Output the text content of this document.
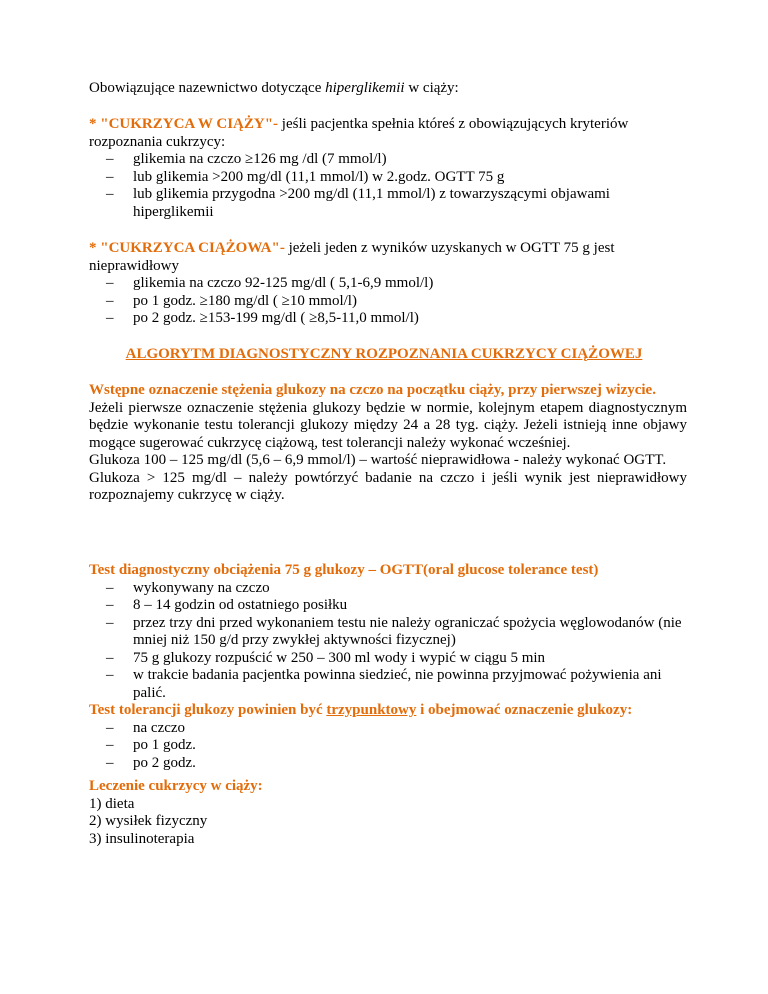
Obowiązujące nazewnictwo dotyczące hiperglikemii w ciąży:

* "CUKRZYCA W CIĄŻY"- jeśli pacjentka spełnia któreś z obowiązujących kryteriów rozpoznania cukrzycy:

– glikemia na czczo ≥126 mg /dl (7 mmol/l)
– lub glikemia >200 mg/dl (11,1 mmol/l) w 2.godz. OGTT 75 g
– lub glikemia przygodna >200 mg/dl (11,1 mmol/l) z towarzyszącymi objawami hiperglikemii

* "CUKRZYCA CIĄŻOWA"- jeżeli jeden z wyników uzyskanych w OGTT 75 g jest nieprawidłowy

– glikemia na czczo 92-125 mg/dl ( 5,1-6,9 mmol/l)
– po 1 godz. ≥180 mg/dl ( ≥10 mmol/l)
– po 2 godz. ≥153-199 mg/dl ( ≥8,5-11,0 mmol/l)
ALGORYTM DIAGNOSTYCZNY ROZPOZNANIA CUKRZYCY CIĄŻOWEJ

Wstępne oznaczenie stężenia glukozy na czczo na początku ciąży, przy pierwszej wizycie.

Jeżeli pierwsze oznaczenie stężenia glukozy będzie w normie, kolejnym etapem diagnostycznym będzie wykonanie testu tolerancji glukozy między 24 a 28 tyg. ciąży. Jeżeli istnieją inne objawy mogące sugerować cukrzycę ciążową, test tolerancji należy wykonać wcześniej.

Glukoza 100 – 125 mg/dl (5,6 – 6,9 mmol/l) – wartość nieprawidłowa - należy wykonać OGTT.

Glukoza > 125 mg/dl – należy powtórzyć badanie na czczo i jeśli wynik jest nieprawidłowy rozpoznajemy cukrzycę w ciąży.

Test diagnostyczny obciążenia 75 g glukozy – OGTT(oral glucose tolerance test)

– wykonywany na czczo
– 8 – 14 godzin od ostatniego posiłku
– przez trzy dni przed wykonaniem testu nie należy ograniczać spożycia węglowodanów (nie mniej niż 150 g/d przy zwykłej aktywności fizycznej)
– 75 g glukozy rozpuścić w 250 – 300 ml wody i wypić w ciągu 5 min
– w trakcie badania pacjentka powinna siedzieć, nie powinna przyjmować pożywienia ani palić.

Test tolerancji glukozy powinien być trzypunktowy i obejmować oznaczenie glukozy:

– na czczo
– po 1 godz.
– po 2 godz.

Leczenie cukrzycy w ciąży:

1) dieta

2) wysiłek fizyczny

3) insulinoterapia
